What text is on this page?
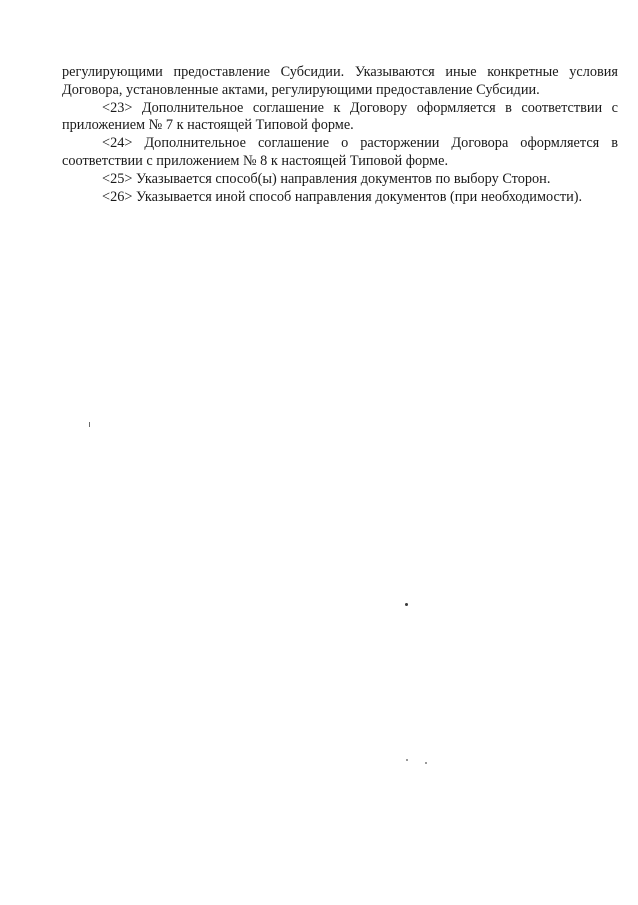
регулирующими предоставление Субсидии. Указываются иные конкретные условия Договора, установленные актами, регулирующими предоставление Субсидии.

<23> Дополнительное соглашение к Договору оформляется в соответствии с приложением № 7 к настоящей Типовой форме.

<24> Дополнительное соглашение о расторжении Договора оформляется в соответствии с приложением № 8 к настоящей Типовой форме.

<25> Указывается способ(ы) направления документов по выбору Сторон.

<26> Указывается иной способ направления документов (при необходимости).
